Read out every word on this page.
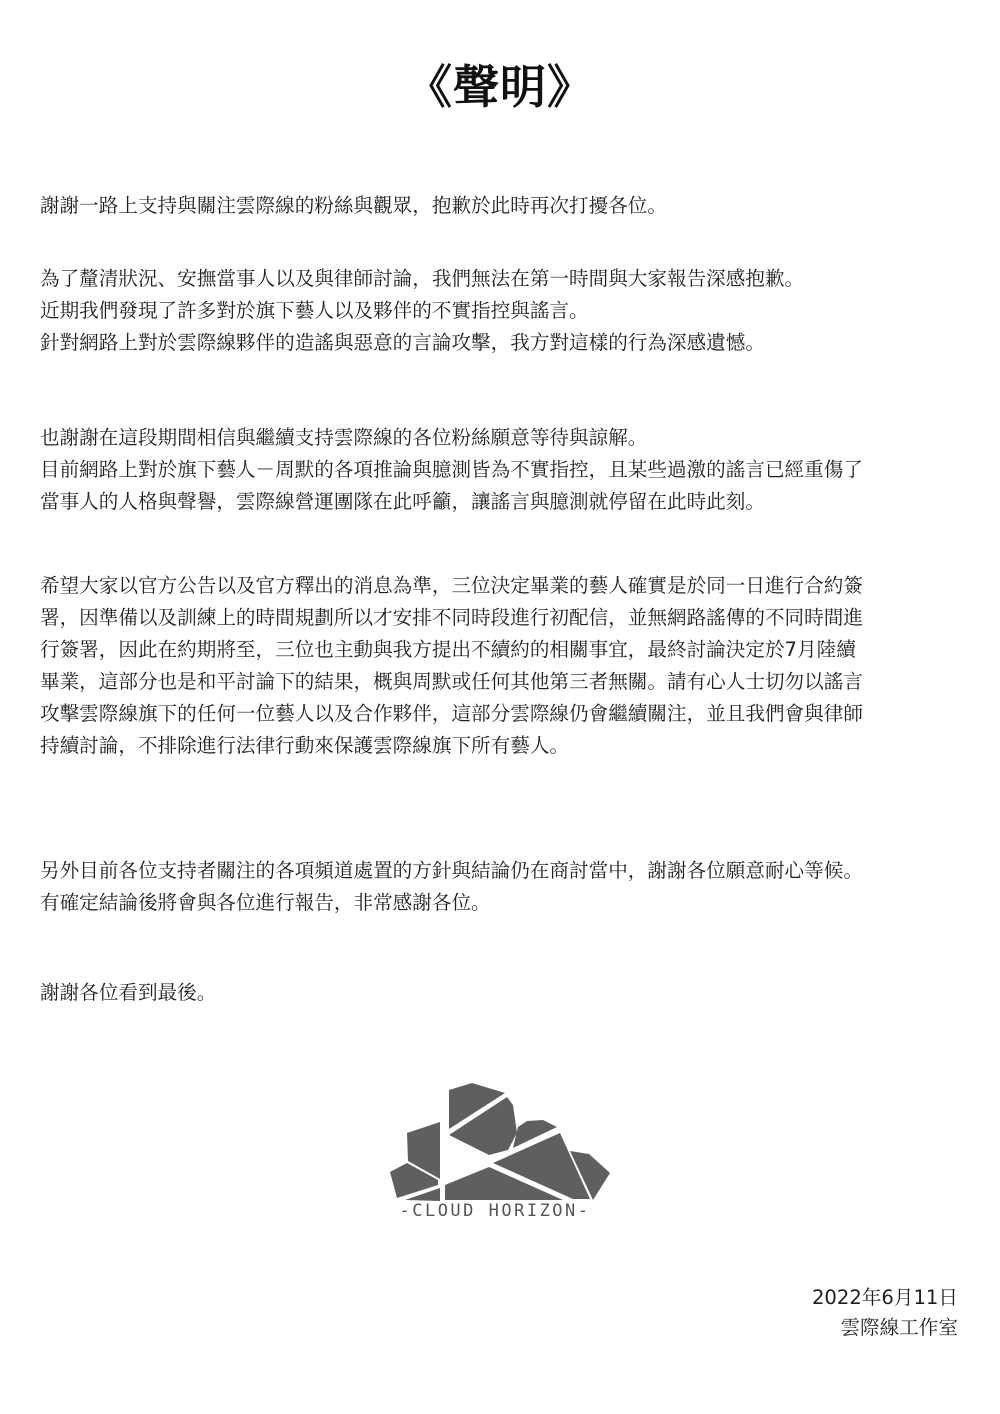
《聲明》
謝謝一路上支持與關注雲際線的粉絲與觀眾，抱歉於此時再次打擾各位。
為了釐清狀況、安撫當事人以及與律師討論，我們無法在第一時間與大家報告深感抱歉。
近期我們發現了許多對於旗下藝人以及夥伴的不實指控與謠言。
針對網路上對於雲際線夥伴的造謠與惡意的言論攻擊，我方對這樣的行為深感遺憾。
也謝謝在這段期間相信與繼續支持雲際線的各位粉絲願意等待與諒解。
目前網路上對於旗下藝人－周默的各項推論與臆測皆為不實指控，且某些過激的謠言已經重傷了
當事人的人格與聲譽，雲際線營運團隊在此呼籲，讓謠言與臆測就停留在此時此刻。
希望大家以官方公告以及官方釋出的消息為準，三位決定畢業的藝人確實是於同一日進行合約簽
署，因準備以及訓練上的時間規劃所以才安排不同時段進行初配信，並無網路謠傳的不同時間進
行簽署，因此在約期將至，三位也主動與我方提出不續約的相關事宜，最終討論決定於7月陸續
畢業，這部分也是和平討論下的結果，概與周默或任何其他第三者無關。請有心人士切勿以謠言
攻擊雲際線旗下的任何一位藝人以及合作夥伴，這部分雲際線仍會繼續關注，並且我們會與律師
持續討論，不排除進行法律行動來保護雲際線旗下所有藝人。
另外目前各位支持者關注的各項頻道處置的方針與結論仍在商討當中，謝謝各位願意耐心等候。
有確定結論後將會與各位進行報告，非常感謝各位。
謝謝各位看到最後。
-CLOUD HORIZON-
2022年6月11日
雲際線工作室
